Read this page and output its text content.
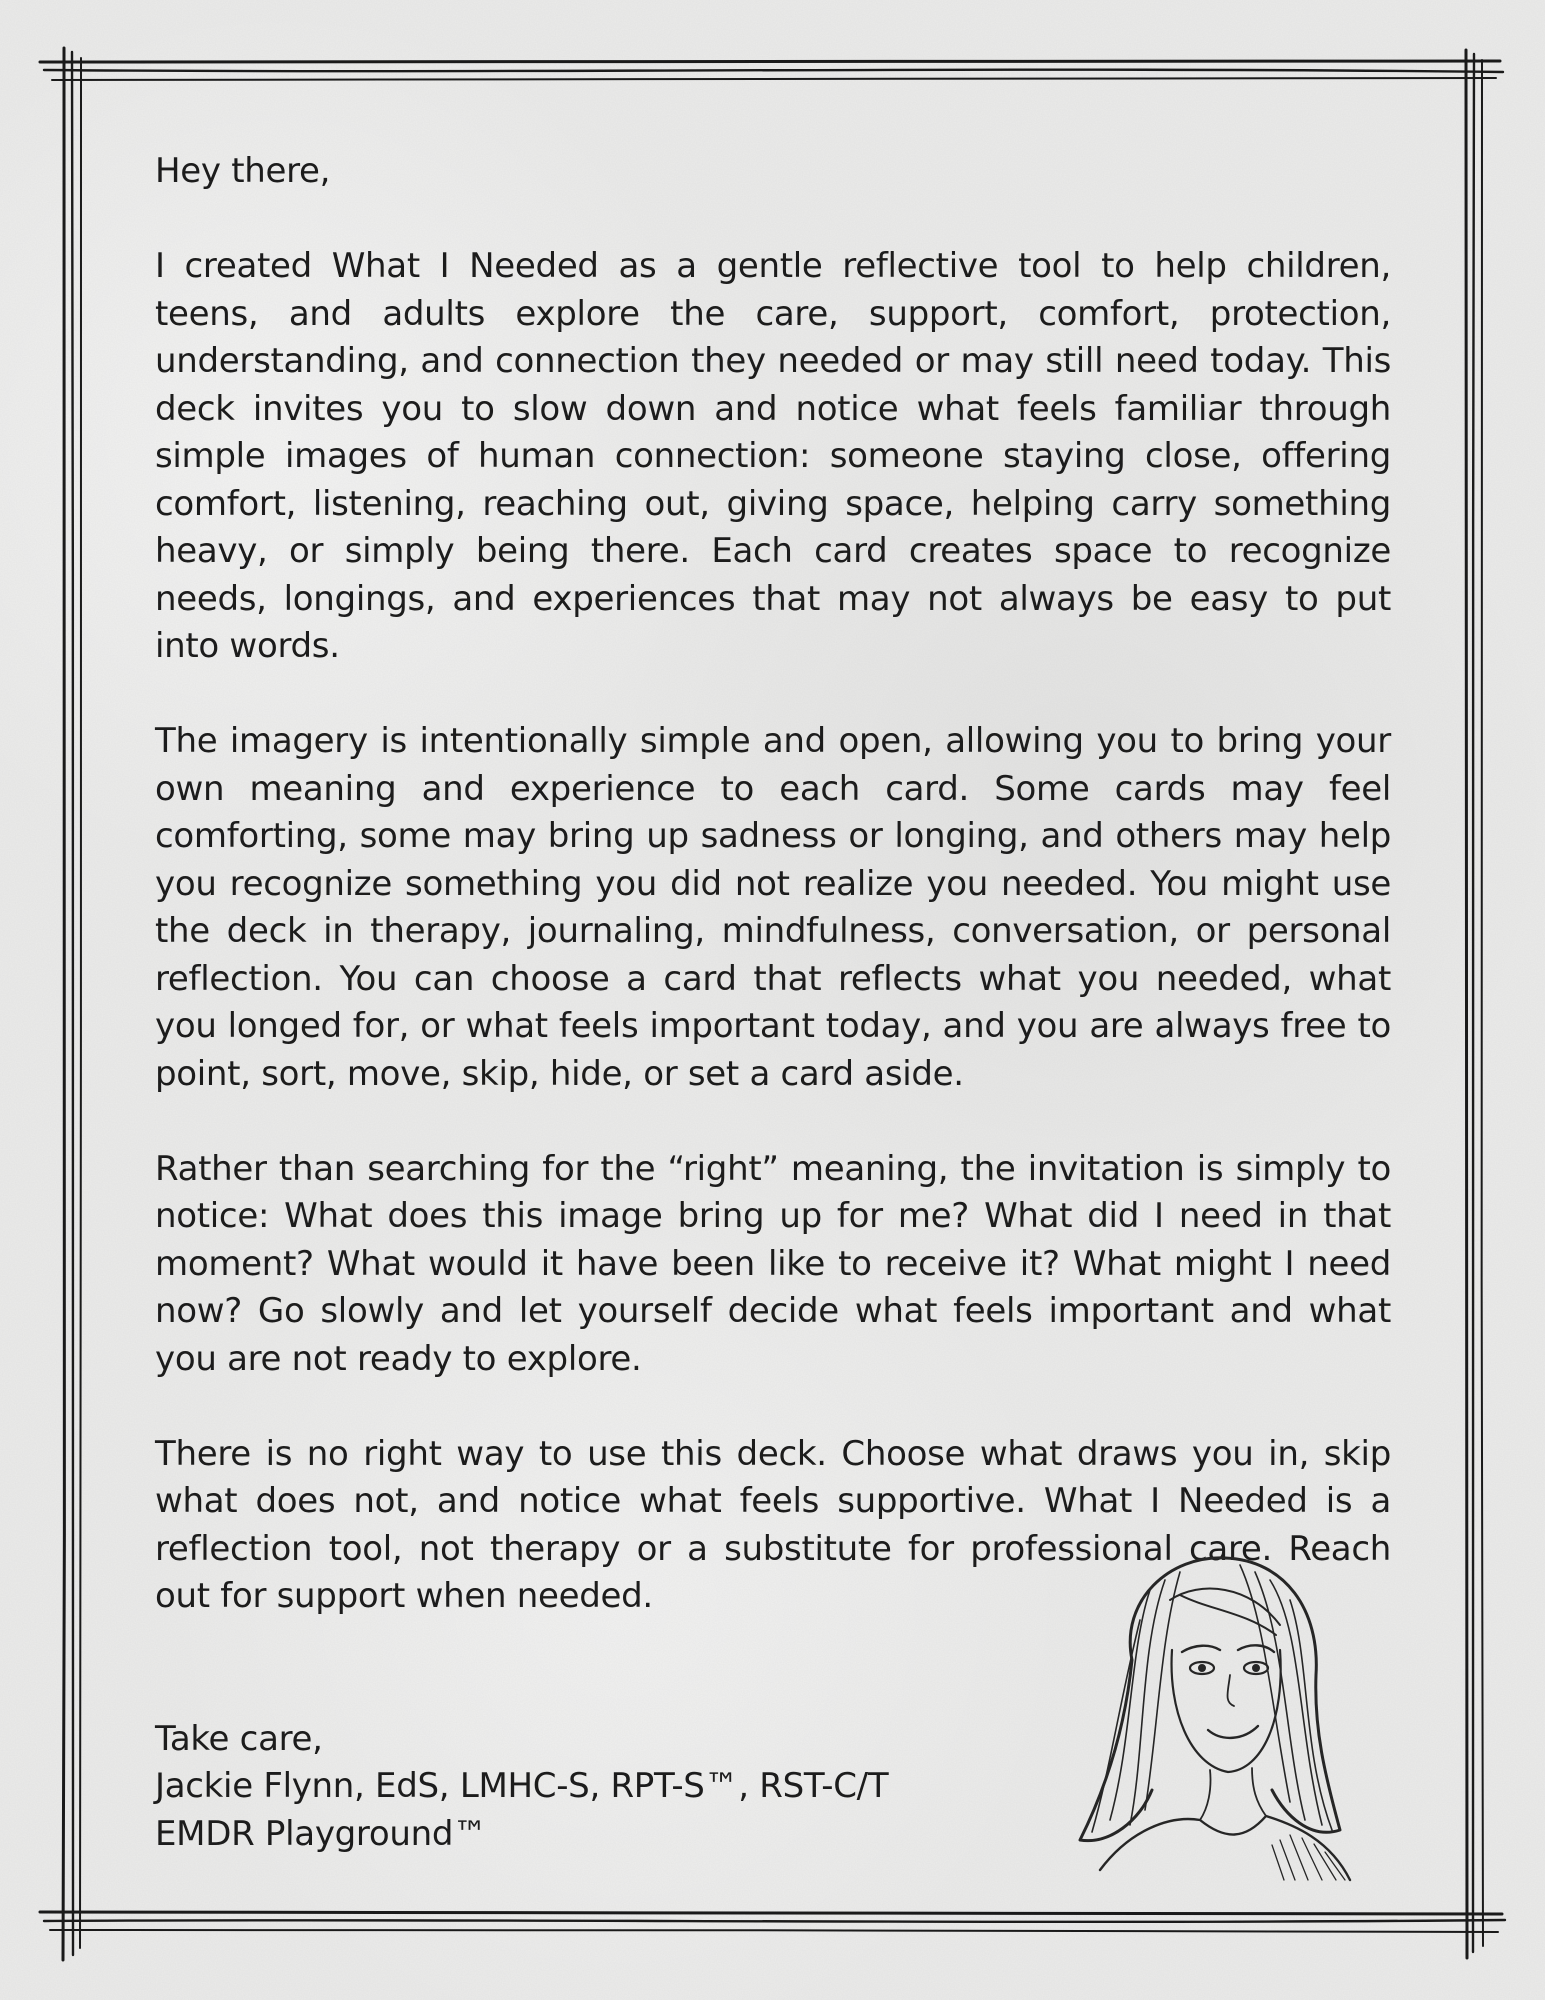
Hey there,

I created What I Needed as a gentle reflective tool to help children, teens, and adults explore the care, support, comfort, protection, understanding, and connection they needed or may still need today. This deck invites you to slow down and notice what feels familiar through simple images of human connection: someone staying close, offering comfort, listening, reaching out, giving space, helping carry something heavy, or simply being there. Each card creates space to recognize needs, longings, and experiences that may not always be easy to put into words.

The imagery is intentionally simple and open, allowing you to bring your own meaning and experience to each card. Some cards may feel comforting, some may bring up sadness or longing, and others may help you recognize something you did not realize you needed. You might use the deck in therapy, journaling, mindfulness, conversation, or personal reflection. You can choose a card that reflects what you needed, what you longed for, or what feels important today, and you are always free to point, sort, move, skip, hide, or set a card aside.

Rather than searching for the “right” meaning, the invitation is simply to notice: What does this image bring up for me? What did I need in that moment? What would it have been like to receive it? What might I need now? Go slowly and let yourself decide what feels important and what you are not ready to explore.

There is no right way to use this deck. Choose what draws you in, skip what does not, and notice what feels supportive. What I Needed is a reflection tool, not therapy or a substitute for professional care. Reach out for support when needed.

Take care,
Jackie Flynn, EdS, LMHC-S, RPT-S™, RST-C/T
EMDR Playground™
